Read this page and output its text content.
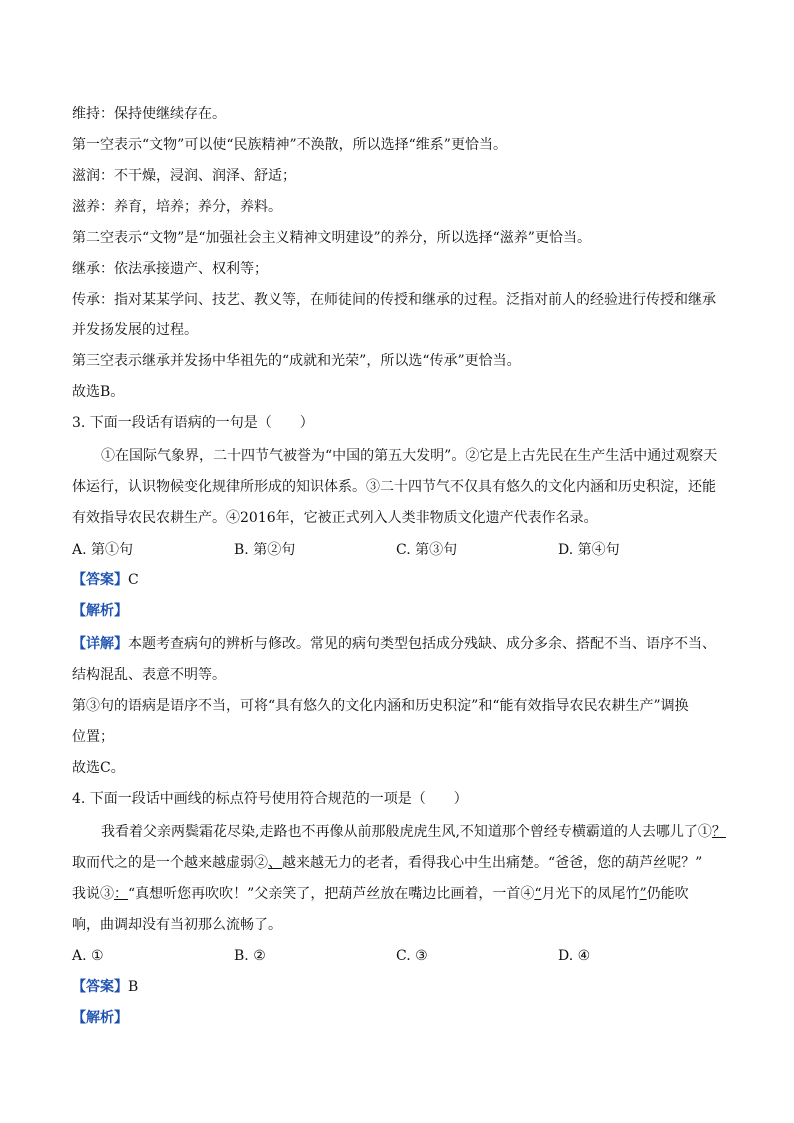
维持：保持使继续存在。
第一空表示“文物”可以使“民族精神”不涣散，所以选择“维系”更恰当。
滋润：不干燥，浸润、润泽、舒适；
滋养：养育，培养；养分，养料。
第二空表示“文物”是“加强社会主义精神文明建设”的养分，所以选择“滋养”更恰当。
继承：依法承接遗产、权利等；
传承：指对某某学问、技艺、教义等，在师徒间的传授和继承的过程。泛指对前人的经验进行传授和继承
并发扬发展的过程。
第三空表示继承并发扬中华祖先的“成就和光荣”，所以选“传承”更恰当。
故选B。
3. 下面一段话有语病的一句是（　　）
①在国际气象界，二十四节气被誉为“中国的第五大发明”。②它是上古先民在生产生活中通过观察天
体运行，认识物候变化规律所形成的知识体系。③二十四节气不仅具有悠久的文化内涵和历史积淀，还能
有效指导农民农耕生产。④2016年，它被正式列入人类非物质文化遗产代表作名录。
A. 第①句	B. 第②句	C. 第③句	D. 第④句
【答案】C
【解析】
【详解】本题考查病句的辨析与修改。常见的病句类型包括成分残缺、成分多余、搭配不当、语序不当、
结构混乱、表意不明等。
第③句的语病是语序不当，可将“具有悠久的文化内涵和历史积淀”和“能有效指导农民农耕生产”调换
位置；
故选C。
4. 下面一段话中画线的标点符号使用符合规范的一项是（　　）
我看着父亲两鬓霜花尽染,走路也不再像从前那般虎虎生风,不知道那个曾经专横霸道的人去哪儿了①？
取而代之的是一个越来越虚弱②、越来越无力的老者，看得我心中生出痛楚。“爸爸，您的葫芦丝呢？”
我说③：“真想听您再吹吹！”父亲笑了，把葫芦丝放在嘴边比画着，一首④“月光下的凤尾竹”仍能吹
响，曲调却没有当初那么流畅了。
A. ①	B. ②	C. ③	D. ④
【答案】B
【解析】
